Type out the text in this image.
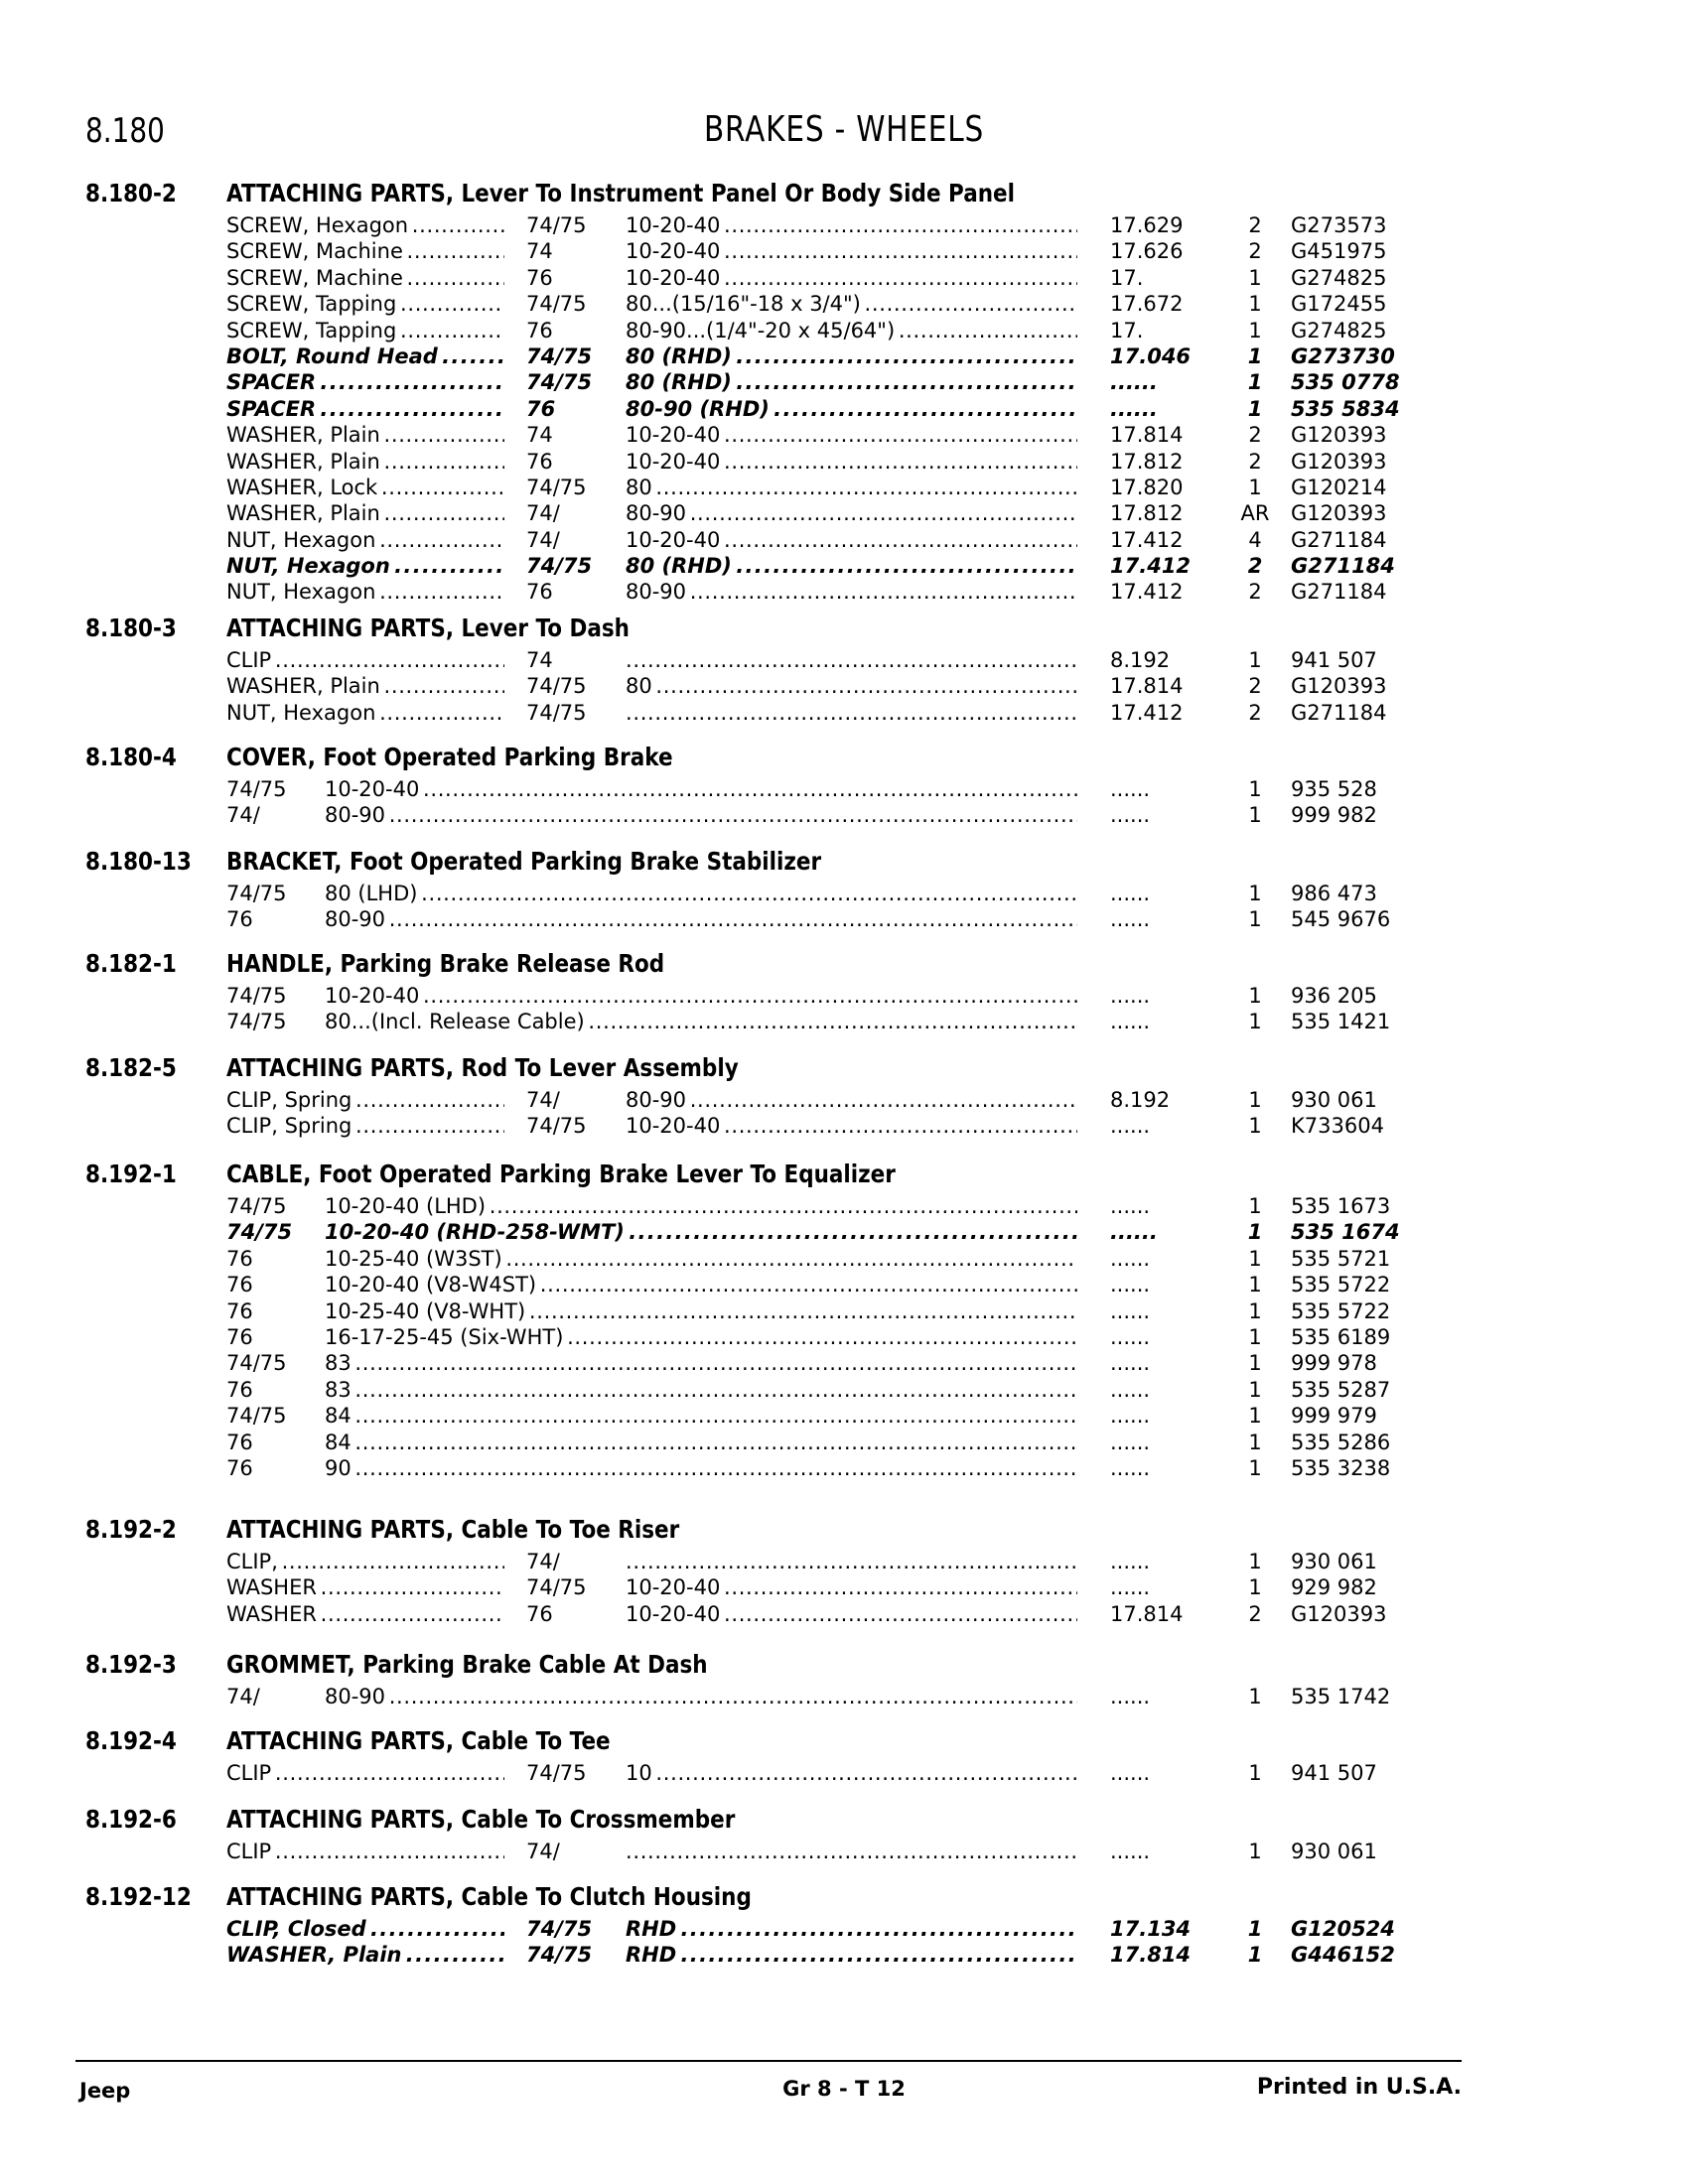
8.180	BRAKES - WHEELS
8.180-2 ATTACHING PARTS, Lever To Instrument Panel Or Body Side Panel
SCREW, Hexagon . . .	74/75	10-20-40 . . .	17.629	2	G273573
SCREW, Machine . . .	74	10-20-40 . . .	17.626	2	G451975
SCREW, Machine . . .	76	10-20-40 . . .	17.	1	G274825
SCREW, Tapping . . .	74/75	80...(15/16"-18 x 3/4") . . .	17.672	1	G172455
SCREW, Tapping . . .	76	80-90...(1/4"-20 x 45/64") . . .	17.	1	G274825
BOLT, Round Head . . .	74/75	80 (RHD) . . .	17.046	1	G273730
SPACER . . .	74/75	80 (RHD) . . .	......	1	535 0778
SPACER . . .	76	80-90 (RHD) . . .	......	1	535 5834
WASHER, Plain . . .	74	10-20-40 . . .	17.814	2	G120393
WASHER, Plain . . .	76	10-20-40 . . .	17.812	2	G120393
WASHER, Lock . . .	74/75	80 . . .	17.820	1	G120214
WASHER, Plain . . .	74/	80-90 . . .	17.812	AR	G120393
NUT, Hexagon . . .	74/	10-20-40 . . .	17.412	4	G271184
NUT, Hexagon . . .	74/75	80 (RHD) . . .	17.412	2	G271184
NUT, Hexagon . . .	76	80-90 . . .	17.412	2	G271184
8.180-3 ATTACHING PARTS, Lever To Dash
CLIP . . .	74 . . .	8.192	1	941 507
WASHER, Plain . . .	74/75	80 . . .	17.814	2	G120393
NUT, Hexagon . . .	74/75 . . .	17.412	2	G271184
8.180-4 COVER, Foot Operated Parking Brake
74/75	10-20-40 . . .	......	1	935 528
74/	80-90 . . .	......	1	999 982
8.180-13 BRACKET, Foot Operated Parking Brake Stabilizer
74/75	80 (LHD) . . .	......	1	986 473
76	80-90 . . .	......	1	545 9676
8.182-1 HANDLE, Parking Brake Release Rod
74/75	10-20-40 . . .	......	1	936 205
74/75	80...(Incl. Release Cable) . . .	......	1	535 1421
8.182-5 ATTACHING PARTS, Rod To Lever Assembly
CLIP, Spring . . .	74/	80-90 . . .	8.192	1	930 061
CLIP, Spring . . .	74/75	10-20-40 . . .	......	1	K733604
8.192-1 CABLE, Foot Operated Parking Brake Lever To Equalizer
74/75	10-20-40 (LHD) . . .	......	1	535 1673
74/75	10-20-40 (RHD-258-WMT) . . .	......	1	535 1674
76	10-25-40 (W3ST) . . .	......	1	535 5721
76	10-20-40 (V8-W4ST) . . .	......	1	535 5722
76	10-25-40 (V8-WHT) . . .	......	1	535 5722
76	16-17-25-45 (Six-WHT) . . .	......	1	535 6189
74/75	83 . . .	......	1	999 978
76	83 . . .	......	1	535 5287
74/75	84 . . .	......	1	999 979
76	84 . . .	......	1	535 5286
76	90 . . .	......	1	535 3238
8.192-2 ATTACHING PARTS, Cable To Toe Riser
CLIP, . . .	74/ . . .	......	1	930 061
WASHER . . .	74/75	10-20-40 . . .	......	1	929 982
WASHER . . .	76	10-20-40 . . .	17.814	2	G120393
8.192-3 GROMMET, Parking Brake Cable At Dash
74/	80-90 . . .	......	1	535 1742
8.192-4 ATTACHING PARTS, Cable To Tee
CLIP . . .	74/75	10 . . .	......	1	941 507
8.192-6 ATTACHING PARTS, Cable To Crossmember
CLIP . . .	74/ . . .	......	1	930 061
8.192-12 ATTACHING PARTS, Cable To Clutch Housing
CLIP, Closed . . .	74/75	RHD . . .	17.134	1	G120524
WASHER, Plain . . .	74/75	RHD . . .	17.814	1	G446152
Jeep	Gr 8 - T 12	Printed in U.S.A.
